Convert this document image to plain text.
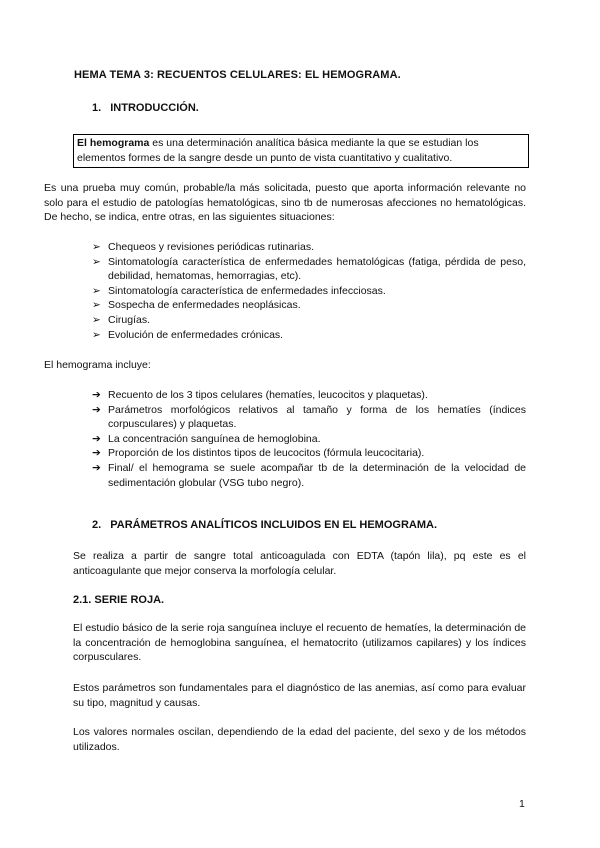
HEMA TEMA 3: RECUENTOS CELULARES: EL HEMOGRAMA.
1. INTRODUCCIÓN.
El hemograma es una determinación analítica básica mediante la que se estudian los elementos formes de la sangre desde un punto de vista cuantitativo y cualitativo.
Es una prueba muy común, probable/la más solicitada, puesto que aporta información relevante no solo para el estudio de patologías hematológicas, sino tb de numerosas afecciones no hematológicas. De hecho, se indica, entre otras, en las siguientes situaciones:
➢ Chequeos y revisiones periódicas rutinarias.
➢ Sintomatología característica de enfermedades hematológicas (fatiga, pérdida de peso, debilidad, hematomas, hemorragias, etc).
➢ Sintomatología característica de enfermedades infecciosas.
➢ Sospecha de enfermedades neoplásicas.
➢ Cirugías.
➢ Evolución de enfermedades crónicas.
El hemograma incluye:
➔ Recuento de los 3 tipos celulares (hematíes, leucocitos y plaquetas).
➔ Parámetros morfológicos relativos al tamaño y forma de los hematíes (índices corpusculares) y plaquetas.
➔ La concentración sanguínea de hemoglobina.
➔ Proporción de los distintos tipos de leucocitos (fórmula leucocitaria).
➔ Final/ el hemograma se suele acompañar tb de la determinación de la velocidad de sedimentación globular (VSG tubo negro).
2. PARÁMETROS ANALÍTICOS INCLUIDOS EN EL HEMOGRAMA.
Se realiza a partir de sangre total anticoagulada con EDTA (tapón lila), pq este es el anticoagulante que mejor conserva la morfología celular.
2.1. SERIE ROJA.
El estudio básico de la serie roja sanguínea incluye el recuento de hematíes, la determinación de la concentración de hemoglobina sanguínea, el hematocrito (utilizamos capilares) y los índices corpusculares.
Estos parámetros son fundamentales para el diagnóstico de las anemias, así como para evaluar su tipo, magnitud y causas.
Los valores normales oscilan, dependiendo de la edad del paciente, del sexo y de los métodos utilizados.
1
